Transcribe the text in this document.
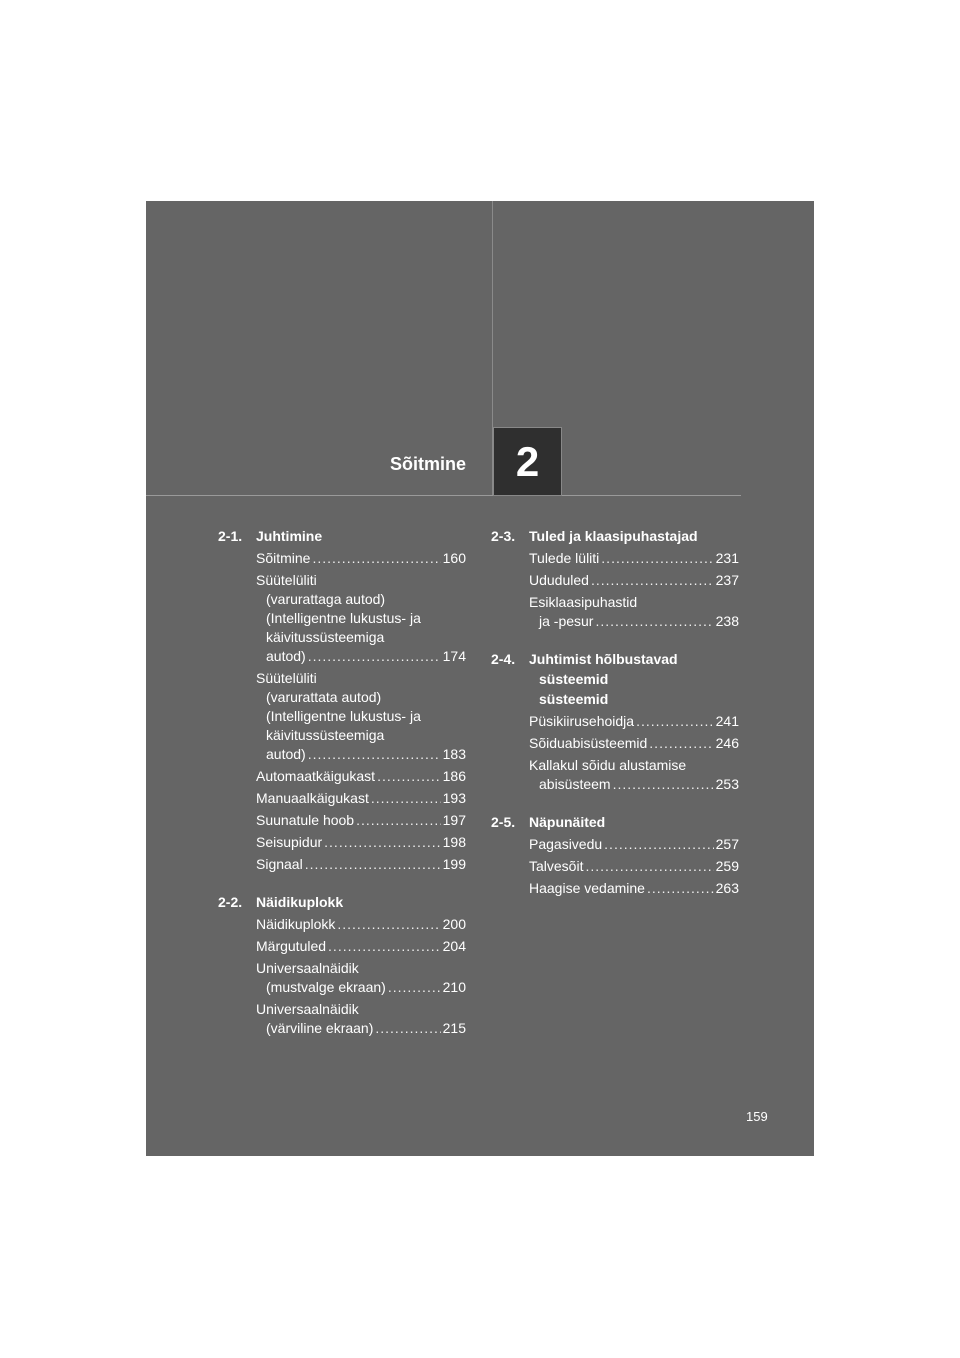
Sõitmine 2
2-1. Juhtimine
Sõitmine .....	160
Süütelüliti
(varurattaga autod)
(Intelligentne lukustus- ja
käivitussüsteemiga
autod) .....	174
Süütelüliti
(varurattata autod)
(Intelligentne lukustus- ja
käivitussüsteemiga
autod) .....	183
Automaatkäigukast .....	186
Manuaalkäigukast .....	193
Suunatule hoob .....	197
Seisupidur .....	198
Signaal .....	199
2-2. Näidikuplokk
Näidikuplokk .....	200
Märgutuled .....	204
Universaalnäidik
(mustvalge ekraan) .....	210
Universaalnäidik
(värviline ekraan) .....	215
2-3. Tuled ja klaasipuhastajad
Tulede lüliti .....	231
Ududuled .....	237
Esiklaasipuhastid
ja -pesur .....	238
2-4. Juhtimist hõlbustavad
süsteemid
süsteemid
Püsikiirusehoidja .....	241
Sõiduabisüsteemid .....	246
Kallakul sõidu alustamise
abisüsteem .....	253
2-5. Näpunäited
Pagasivedu .....	257
Talvesõit .....	259
Haagise vedamine .....	263
159
